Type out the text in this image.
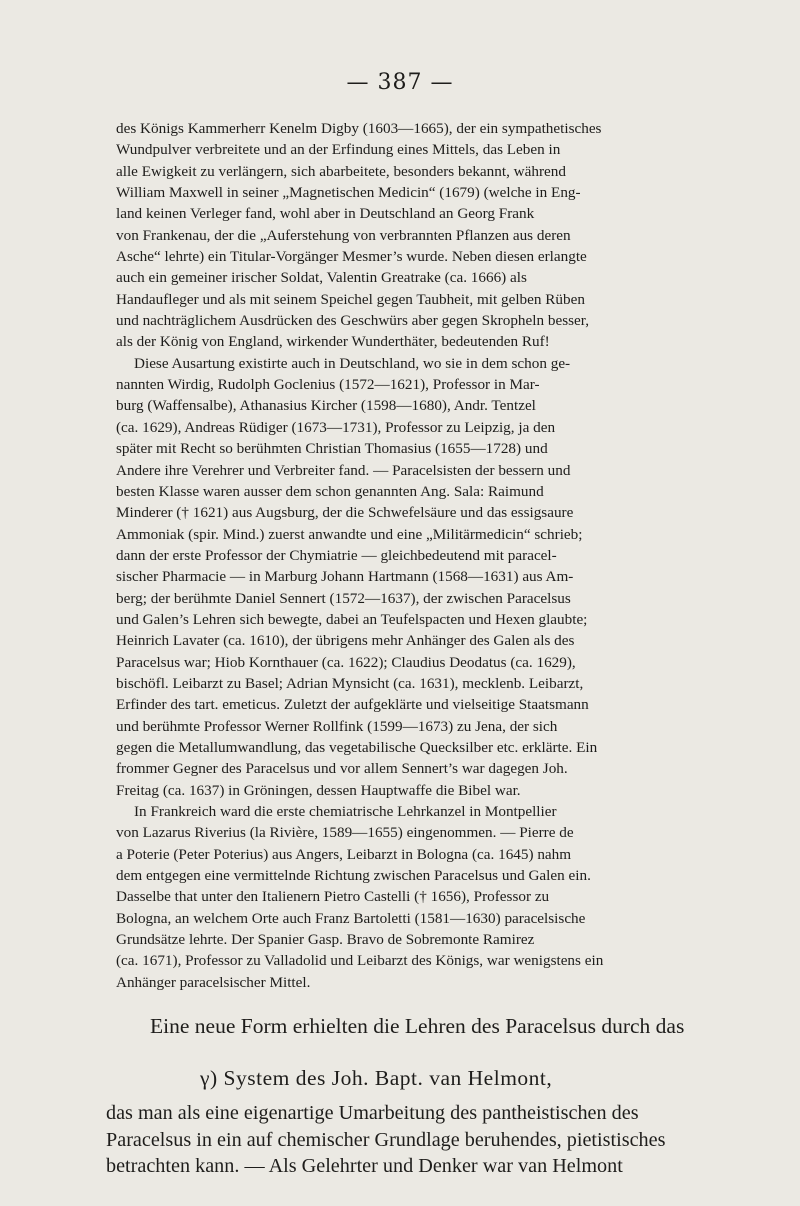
— 387 —
des Königs Kammerherr Kenelm Digby (1603—1665), der ein sympathetisches
Wundpulver verbreitete und an der Erfindung eines Mittels, das Leben in
alle Ewigkeit zu verlängern, sich abarbeitete, besonders bekannt, während
William Maxwell in seiner „Magnetischen Medicin“ (1679) (welche in Eng-
land keinen Verleger fand, wohl aber in Deutschland an Georg Frank
von Frankenau, der die „Auferstehung von verbrannten Pflanzen aus deren
Asche“ lehrte) ein Titular-Vorgänger Mesmer’s wurde. Neben diesen erlangte
auch ein gemeiner irischer Soldat, Valentin Greatrake (ca. 1666) als
Handaufleger und als mit seinem Speichel gegen Taubheit, mit gelben Rüben
und nachträglichem Ausdrücken des Geschwürs aber gegen Skropheln besser,
als der König von England, wirkender Wunderthäter, bedeutenden Ruf!
Diese Ausartung existirte auch in Deutschland, wo sie in dem schon ge-
nannten Wirdig, Rudolph Goclenius (1572—1621), Professor in Mar-
burg (Waffensalbe), Athanasius Kircher (1598—1680), Andr. Tentzel
(ca. 1629), Andreas Rüdiger (1673—1731), Professor zu Leipzig, ja den
später mit Recht so berühmten Christian Thomasius (1655—1728) und
Andere ihre Verehrer und Verbreiter fand. — Paracelsisten der bessern und
besten Klasse waren ausser dem schon genannten Ang. Sala: Raimund
Minderer († 1621) aus Augsburg, der die Schwefelsäure und das essigsaure
Ammoniak (spir. Mind.) zuerst anwandte und eine „Militärmedicin“ schrieb;
dann der erste Professor der Chymiatrie — gleichbedeutend mit paracel-
sischer Pharmacie — in Marburg Johann Hartmann (1568—1631) aus Am-
berg; der berühmte Daniel Sennert (1572—1637), der zwischen Paracelsus
und Galen’s Lehren sich bewegte, dabei an Teufelspacten und Hexen glaubte;
Heinrich Lavater (ca. 1610), der übrigens mehr Anhänger des Galen als des
Paracelsus war; Hiob Kornthauer (ca. 1622); Claudius Deodatus (ca. 1629),
bischöfl. Leibarzt zu Basel; Adrian Mynsicht (ca. 1631), mecklenb. Leibarzt,
Erfinder des tart. emeticus. Zuletzt der aufgeklärte und vielseitige Staatsmann
und berühmte Professor Werner Rollfink (1599—1673) zu Jena, der sich
gegen die Metallumwandlung, das vegetabilische Quecksilber etc. erklärte. Ein
frommer Gegner des Paracelsus und vor allem Sennert’s war dagegen Joh.
Freitag (ca. 1637) in Gröningen, dessen Hauptwaffe die Bibel war.
In Frankreich ward die erste chemiatrische Lehrkanzel in Montpellier
von Lazarus Riverius (la Rivière, 1589—1655) eingenommen. — Pierre de
a Poterie (Peter Poterius) aus Angers, Leibarzt in Bologna (ca. 1645) nahm
dem entgegen eine vermittelnde Richtung zwischen Paracelsus und Galen ein.
Dasselbe that unter den Italienern Pietro Castelli († 1656), Professor zu
Bologna, an welchem Orte auch Franz Bartoletti (1581—1630) paracelsische
Grundsätze lehrte. Der Spanier Gasp. Bravo de Sobremonte Ramirez
(ca. 1671), Professor zu Valladolid und Leibarzt des Königs, war wenigstens ein
Anhänger paracelsischer Mittel.
Eine neue Form erhielten die Lehren des Paracelsus durch das
γ) System des Joh. Bapt. van Helmont,
das man als eine eigenartige Umarbeitung des pantheistischen des
Paracelsus in ein auf chemischer Grundlage beruhendes, pietistisches
betrachten kann. — Als Gelehrter und Denker war van Helmont
